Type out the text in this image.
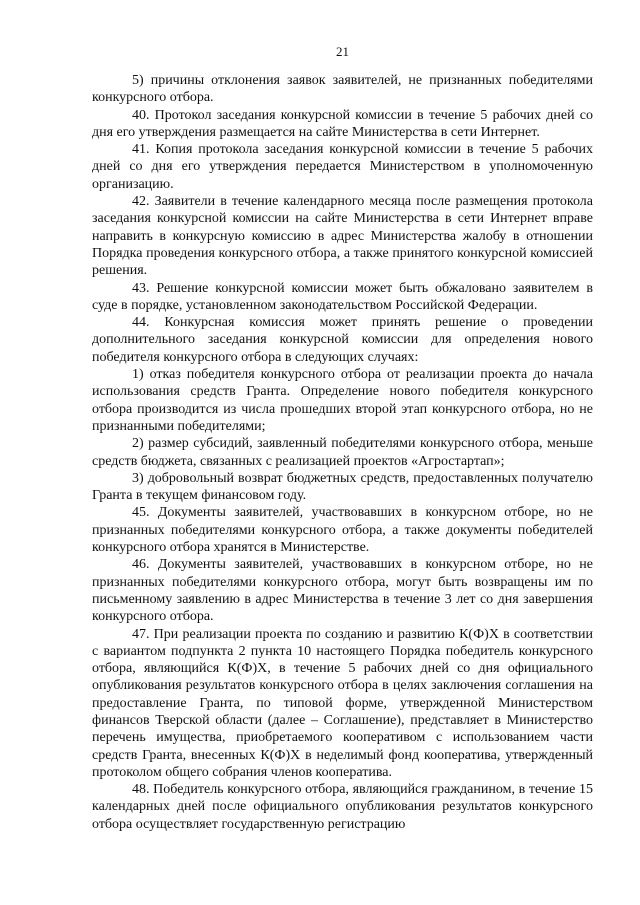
21

5) причины отклонения заявок заявителей, не признанных победителями конкурсного отбора.

40. Протокол заседания конкурсной комиссии в течение 5 рабочих дней со дня его утверждения размещается на сайте Министерства в сети Интернет.

41. Копия протокола заседания конкурсной комиссии в течение 5 рабочих дней со дня его утверждения передается Министерством в уполномоченную организацию.

42. Заявители в течение календарного месяца после размещения протокола заседания конкурсной комиссии на сайте Министерства в сети Интернет вправе направить в конкурсную комиссию в адрес Министерства жалобу в отношении Порядка проведения конкурсного отбора, а также принятого конкурсной комиссией решения.

43. Решение конкурсной комиссии может быть обжаловано заявителем в суде в порядке, установленном законодательством Российской Федерации.

44. Конкурсная комиссия может принять решение о проведении дополнительного заседания конкурсной комиссии для определения нового победителя конкурсного отбора в следующих случаях:

1) отказ победителя конкурсного отбора от реализации проекта до начала использования средств Гранта. Определение нового победителя конкурсного отбора производится из числа прошедших второй этап конкурсного отбора, но не признанными победителями;

2) размер субсидий, заявленный победителями конкурсного отбора, меньше средств бюджета, связанных с реализацией проектов «Агростартап»;

3) добровольный возврат бюджетных средств, предоставленных получателю Гранта в текущем финансовом году.

45. Документы заявителей, участвовавших в конкурсном отборе, но не признанных победителями конкурсного отбора, а также документы победителей конкурсного отбора хранятся в Министерстве.

46. Документы заявителей, участвовавших в конкурсном отборе, но не признанных победителями конкурсного отбора, могут быть возвращены им по письменному заявлению в адрес Министерства в течение 3 лет со дня завершения конкурсного отбора.

47. При реализации проекта по созданию и развитию К(Ф)Х в соответствии с вариантом подпункта 2 пункта 10 настоящего Порядка победитель конкурсного отбора, являющийся К(Ф)Х, в течение 5 рабочих дней со дня официального опубликования результатов конкурсного отбора в целях заключения соглашения на предоставление Гранта, по типовой форме, утвержденной Министерством финансов Тверской области (далее – Соглашение), представляет в Министерство перечень имущества, приобретаемого кооперативом с использованием части средств Гранта, внесенных К(Ф)Х в неделимый фонд кооператива, утвержденный протоколом общего собрания членов кооператива.

48. Победитель конкурсного отбора, являющийся гражданином, в течение 15 календарных дней после официального опубликования результатов конкурсного отбора осуществляет государственную регистрацию
